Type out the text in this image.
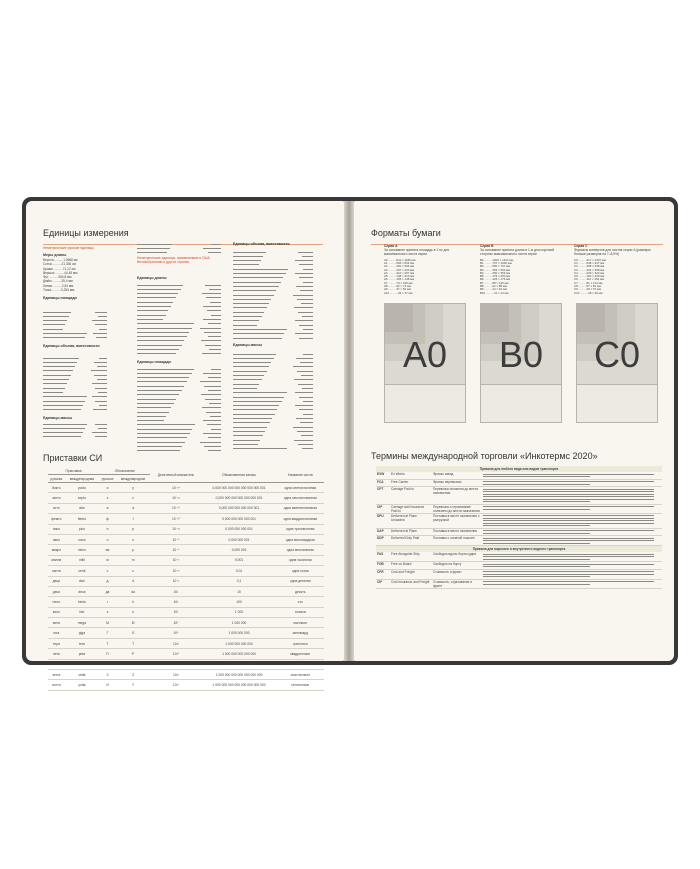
Единицы измерения
Неметрические русские единицы
Меры длины
Верста ..........1,0668 км
Сотка ..........21,336 см
Аршин ..........71,12 см
Вершок ..........44,45 мм
Фут ..........304,8 мм
Дюйм ..........25,4 мм
Линия ..........2,54 мм
Точка ..........0,254 мм
Единицы площади
Единицы объема, вместимости
Единицы массы
Неметрические единицы, применяемые в США, Великобритании и других странах
Единицы длины
Единицы площади
Единицы объема, вместимости
Единицы массы
Приставки СИ
Приставка		Обозначение		Десятичный множитель	Обыкновенная запись	Название числа
русская	международная	русское	международное			
йокто	yocto	и	y	10⁻²⁴	0,000 000 000 000 000 000 000 001	одна септиллионная
зепто	zepto	з	z	10⁻²¹	0,000 000 000 000 000 000 001	одна секстиллионная
атто	atto	а	a	10⁻¹⁸	0,000 000 000 000 000 001	одна квинтиллионная
фемто	femto	ф	f	10⁻¹⁵	0,000 000 000 000 001	одна квадриллионная
пико	pico	п	p	10⁻¹²	0,000 000 000 001	одна триллионная
нано	nano	н	n	10⁻⁹	0,000 000 001	одна миллиардная
микро	micro	мк	μ	10⁻⁶	0,000 001	одна миллионная
милли	milli	м	m	10⁻³	0,001	одна тысячная
санти	centi	с	c	10⁻²	0,01	одна сотая
деци	deci	д	d	10⁻¹	0,1	одна десятая
дека	deca	да	da	10¹	10	десять
гекто	hecto	г	h	10²	100	сто
кило	kilo	к	k	10³	1 000	тысяча
мега	mega	М	M	10⁶	1 000 000	миллион
гига	giga	Г	G	10⁹	1 000 000 000	миллиард
тера	tera	Т	T	10¹²	1 000 000 000 000	триллион
пета	peta	П	P	10¹⁵	1 000 000 000 000 000	квадриллион
экса	exa	Э	E	10¹⁸	1 000 000 000 000 000 000	квинтиллион
зетта	zetta	З	Z	10²¹	1 000 000 000 000 000 000 000	секстиллион
иотта	yotta	И	Y	10²⁴	1 000 000 000 000 000 000 000 000	септиллион
Форматы бумаги
Серия А
За основание принята площадь в 1 м² для максимального листа серии
A0 ..........841 × 1189 мм
A1 ..........594 × 841 мм
A2 ..........420 × 594 мм
A3 ..........297 × 420 мм
A4 ..........210 × 297 мм
A5 ..........148 × 210 мм
A6 ..........105 × 148 мм
A7 ..........74 × 105 мм
A8 ..........52 × 74 мм
A9 ..........37 × 52 мм
A10 ..........26 × 37 мм
Серия B
За основание принята длина в 1 м для короткой стороны максимального листа серии
B0 ..........1000 × 1414 мм
B1 ..........707 × 1000 мм
B2 ..........500 × 707 мм
B3 ..........353 × 500 мм
B4 ..........250 × 353 мм
B5 ..........176 × 250 мм
B6 ..........125 × 176 мм
B7 ..........88 × 125 мм
B8 ..........62 × 88 мм
B9 ..........44 × 62 мм
B10 ..........31 × 44 мм
Серия C
Форматы конвертов для листов серии A (размеры больше размеров на 7–8,5%)
C0 ..........917 × 1297 мм
C1 ..........648 × 917 мм
C2 ..........458 × 648 мм
C3 ..........324 × 458 мм
C4 ..........229 × 324 мм
C5 ..........162 × 229 мм
C6 ..........114 × 162 мм
C7 ..........81 × 114 мм
C8 ..........57 × 81 мм
C9 ..........40 × 57 мм
C10 ..........28 × 40 мм
A0	B0	C0
Термины международной торговли «Инкотермс 2020»
Правила для любого вида или видов транспорта			
EXW	Ex Works	Франко завод	

FCA	Free Carrier	Франко перевозчик	

CPT	Carriage Paid to	Перевозка оплачена до места назначения	

CIP	Carriage and Insurance Paid to	Перевозка и страхование оплачены до места назначения	

DPU	Delivered at Place Unloaded	Поставка в месте назначения с разгрузкой	

DAP	Delivered at Place	Поставка в место назначения	

DDP	Delivered Duty Paid	Поставка с оплатой пошлин	

Правила для морского и внутреннего водного транспорта			
FAS	Free Alongside Ship	Свободно вдоль борта судна	

FOB	Free on Board	Свободно на борту	

CFR	Cost and Freight	Стоимость и фрахт	

CIF	Cost Insurance and Freight	Стоимость, страхование и фрахт	
